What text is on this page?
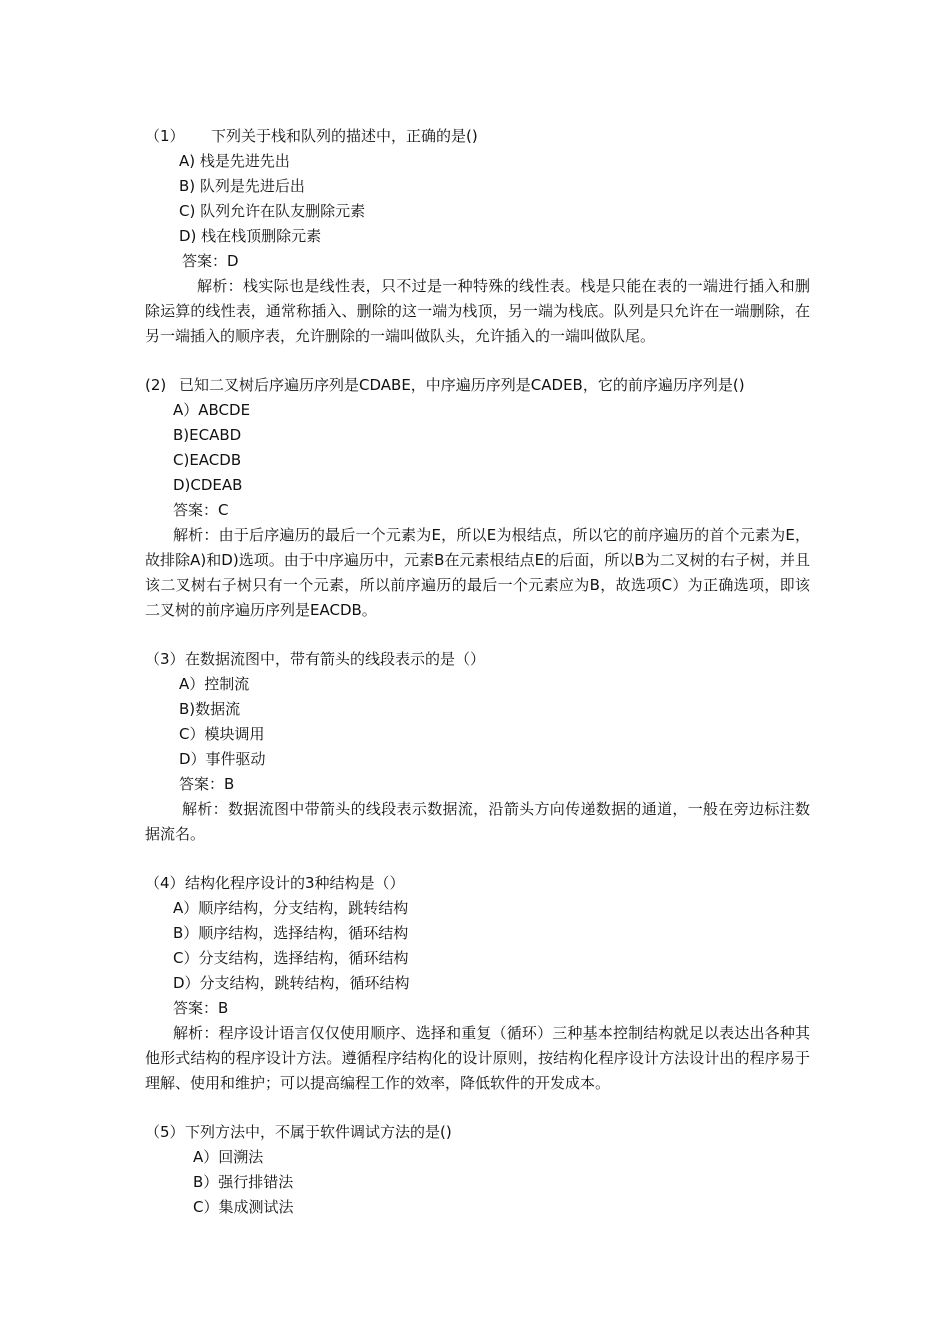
（1） 下列关于栈和队列的描述中，正确的是()
A) 栈是先进先出
B) 队列是先进后出
C) 队列允许在队友删除元素
D) 栈在栈顶删除元素
答案：D
解析：栈实际也是线性表，只不过是一种特殊的线性表。栈是只能在表的一端进行插入和删除运算的线性表，通常称插入、删除的这一端为栈顶，另一端为栈底。队列是只允许在一端删除，在另一端插入的顺序表，允许删除的一端叫做队头，允许插入的一端叫做队尾。
(2) 已知二叉树后序遍历序列是CDABE，中序遍历序列是CADEB，它的前序遍历序列是()
A）ABCDE
B)ECABD
C)EACDB
D)CDEAB
答案：C
解析：由于后序遍历的最后一个元素为E，所以E为根结点，所以它的前序遍历的首个元素为E，故排除A)和D)选项。由于中序遍历中，元素B在元素根结点E的后面，所以B为二叉树的右子树，并且该二叉树右子树只有一个元素，所以前序遍历的最后一个元素应为B，故选项C）为正确选项，即该二叉树的前序遍历序列是EACDB。
（3）在数据流图中，带有箭头的线段表示的是（）
A）控制流
B)数据流
C）模块调用
D）事件驱动
答案：B
解析：数据流图中带箭头的线段表示数据流，沿箭头方向传递数据的通道，一般在旁边标注数据流名。
（4）结构化程序设计的3种结构是（）
A）顺序结构，分支结构，跳转结构
B）顺序结构，选择结构，循环结构
C）分支结构，选择结构，循环结构
D）分支结构，跳转结构，循环结构
答案：B
解析：程序设计语言仅仅使用顺序、选择和重复（循环）三种基本控制结构就足以表达出各种其他形式结构的程序设计方法。遵循程序结构化的设计原则，按结构化程序设计方法设计出的程序易于理解、使用和维护；可以提高编程工作的效率，降低软件的开发成本。
（5）下列方法中，不属于软件调试方法的是()
A）回溯法
B）强行排错法
C）集成测试法
